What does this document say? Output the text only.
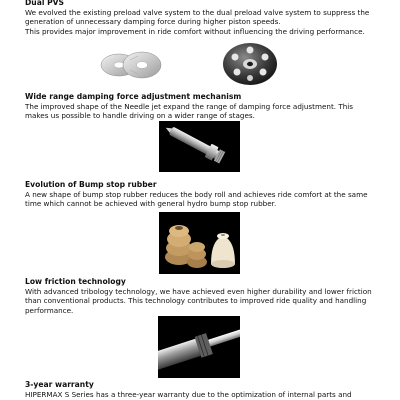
Dual PVS

We evolved the existing preload valve system to the dual preload valve system to suppress the

generation of unnecessary damping force during higher piston speeds.

This provides major improvement in ride comfort without influencing the driving performance.

Wide range damping force adjustment mechanism

The improved shape of the Needle jet expand the range of damping force adjustment. This

makes us possible to handle driving on a wider range of stages.

Evolution of Bump stop rubber

A new shape of bump stop rubber reduces the body roll and achieves ride comfort at the same

time which cannot be achieved with general hydro bump stop rubber.

Low friction technology

With advanced tribology technology, we have achieved even higher durability and lower friction

than conventional products. This technology contributes to improved ride quality and handling

performance.

3-year warranty

HIPERMAX S Series has a three-year warranty due to the optimization of internal parts and
